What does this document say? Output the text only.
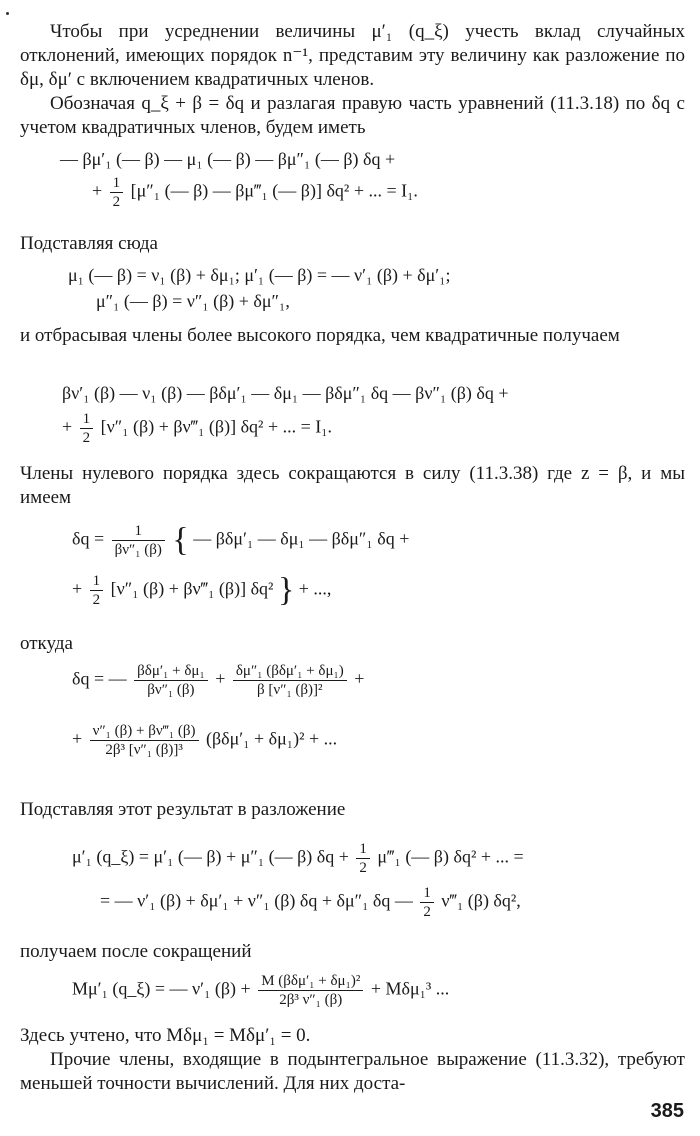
Чтобы при усреднении величины μ′₁ (q_ξ) учесть вклад случайных отклонений, имеющих порядок n⁻¹, представим эту величину как разложение по δμ, δμ′ с включением квадратичных членов.

Обозначая q_ξ + β = δq и разлагая правую часть уравнений (11.3.18) по δq с учетом квадратичных членов, будем иметь

— βμ′₁ (— β) — μ₁ (— β) — βμ″₁ (— β) δq +
+ $\frac{1}{2} [\mu''_1$ (— β) — βμ‴₁ (— β)] δq² + ... = I₁.

Подставляя сюда

μ₁ (— β) = ν₁ (β) + δμ₁; μ′₁ (— β) = — ν′₁ (β) + δμ′₁;
μ″₁ (— β) = ν″₁ (β) + δμ″₁,

и отбрасывая члены более высокого порядка, чем квадратичные получаем

βν′₁ (β) — ν₁ (β) — βδμ′₁ — δμ₁ — βδμ″₁ δq — βν″₁ (β) δq +
+ $\frac{1}{2} [\nu''_1$ (β) + βν‴₁ (β)] δq² + ... = I₁.

Члены нулевого порядка здесь сокращаются в силу (11.3.38) где z = β, и мы имеем

$\delta q = \frac{1}{\text{βν″₁ (β)}}$ { — βδμ′₁ — δμ₁ — βδμ″₁ δq +
+ $\frac{1}{2} [\nu''_1$ (β) + βν‴₁ (β)] δq² } + ...,

откуда

δq = — $\frac{\text{βδμ′₁ + δμ₁}}{\text{βν″₁ (β)}} + \frac{\text{δμ″₁ (βδμ′₁ + δμ₁)}}{\text{β [ν″₁ (β)]²}}$ +
+ $\frac{\text{ν″₁ (β) + βν‴₁ (β)}}{\text{2β³ [ν″₁ (β)]³}} (\beta\delta\mu'_1 + \delta\mu_1)^2$ + ...

Подставляя этот результат в разложение

μ′₁ (q_ξ) = μ′₁ (— β) + μ″₁ (— β) $\delta q + \frac{1}{2}$ μ‴₁ (— β) δq² + ... =
= — ν′₁ (β) + δμ′₁ + ν″₁ (β) δq + δμ″₁ δq — $\frac{1}{2}$ ν‴₁ (β) δq²,

получаем после сокращений

Mμ′₁ (q_ξ) = — ν′₁ $(\beta) + \frac{\text{M (βδμ′₁ + δμ₁)²}}{\text{2β³ ν″₁ (β)}} + M\delta\mu_1^3$ ...

Здесь учтено, что Mδμ₁ = Mδμ′₁ = 0.

Прочие члены, входящие в подынтегральное выражение (11.3.32), требуют меньшей точности вычислений. Для них доста-

385
